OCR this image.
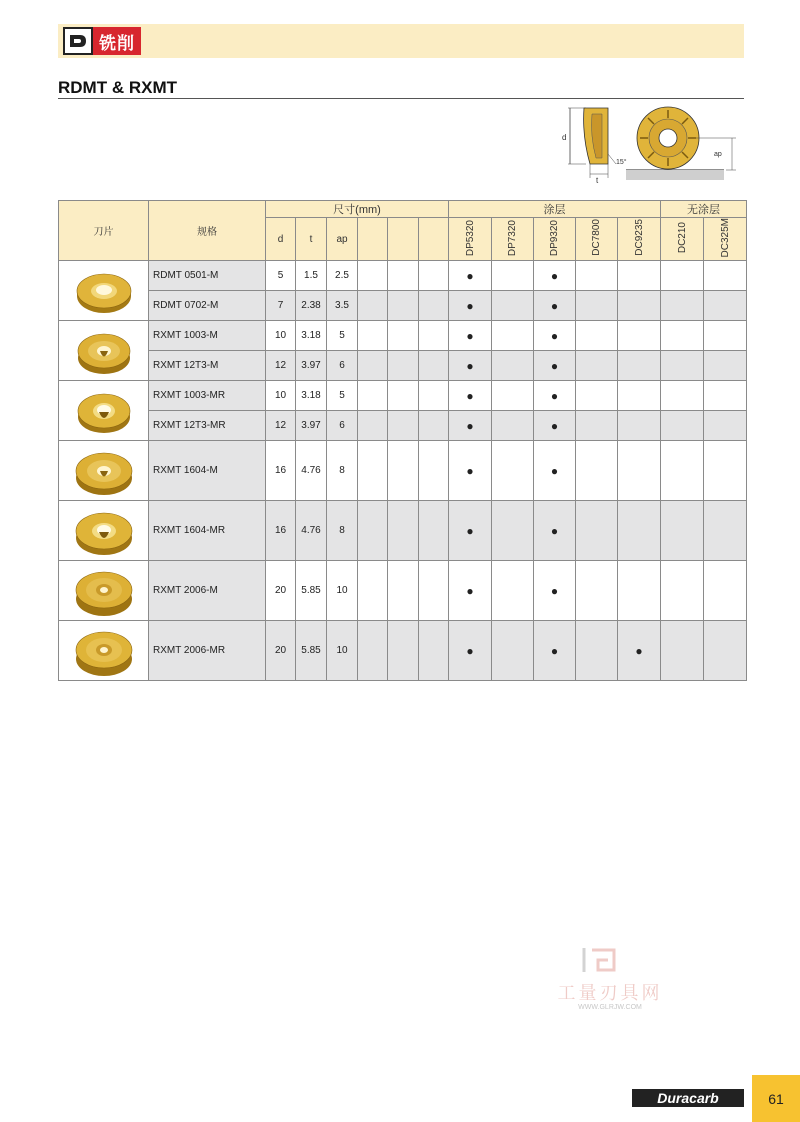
铣削
RDMT & RXMT
d
t
15°
ap
刀片	规格	尺寸(mm)						涂层					无涂层	
		d	t	ap				DP5320	DP7320	DP9320	DC7800	DC9235	DC210	DC325M

	RDMT 0501-M	5	1.5	2.5				●		●				
	RDMT 0702-M	7	2.38	3.5				●		●				

	RXMT 1003-M	10	3.18	5				●		●				
	RXMT 12T3-M	12	3.97	6				●		●				

	RXMT 1003-MR	10	3.18	5				●		●				
	RXMT 12T3-MR	12	3.97	6				●		●				

	RXMT 1604-M	16	4.76	8				●		●				

	RXMT 1604-MR	16	4.76	8				●		●				

	RXMT 2006-M	20	5.85	10				●		●				

	RXMT 2006-MR	20	5.85	10				●		●		●		
工量刃具网
WWW.GLRJW.COM
Duracarb	61
